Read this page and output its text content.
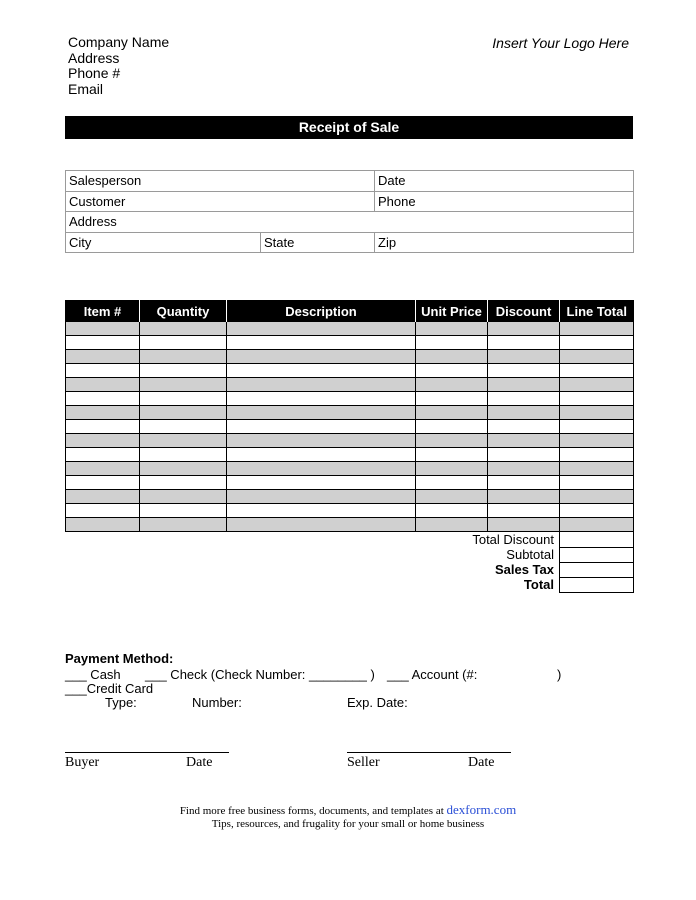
Company Name
Address
Phone #
Email
Insert Your Logo Here
Receipt of Sale
Salesperson		Date
Customer		Phone
Address		
City	State	Zip
Item #	Quantity	Description	Unit Price	Discount	Line Total

Total Discount					
			Subtotal		
			Sales Tax		
			Total		
Payment Method:
___ Cash ___ Check (Check Number: ________ ) ___ Account (#:	)
___Credit Card
Type:	Number:	Exp. Date:
Buyer	Date	Seller	Date
Find more free business forms, documents, and templates at dexform.com
Tips, resources, and frugality for your small or home business
